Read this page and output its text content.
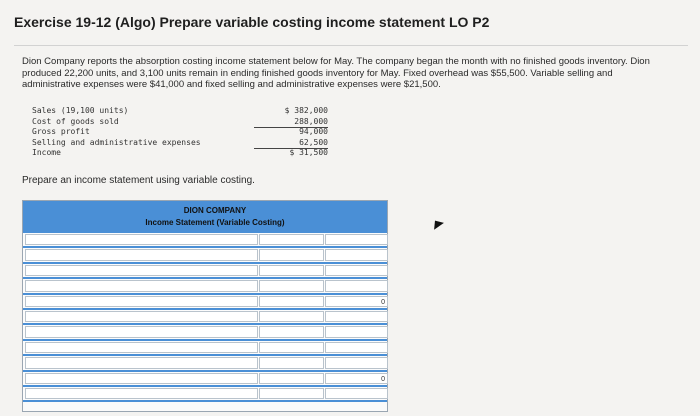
Exercise 19-12 (Algo) Prepare variable costing income statement LO P2
Dion Company reports the absorption costing income statement below for May. The company began the month with no finished goods inventory. Dion produced 22,200 units, and 3,100 units remain in ending finished goods inventory for May. Fixed overhead was $55,500. Variable selling and administrative expenses were $41,000 and fixed selling and administrative expenses were $21,500.
Sales (19,100 units)	$ 382,000
Cost of goods sold	288,000
Gross profit	94,000
Selling and administrative expenses	62,500
Income	$ 31,500
Prepare an income statement using variable costing.
DION COMPANY
Income Statement (Variable Costing)
0
0
